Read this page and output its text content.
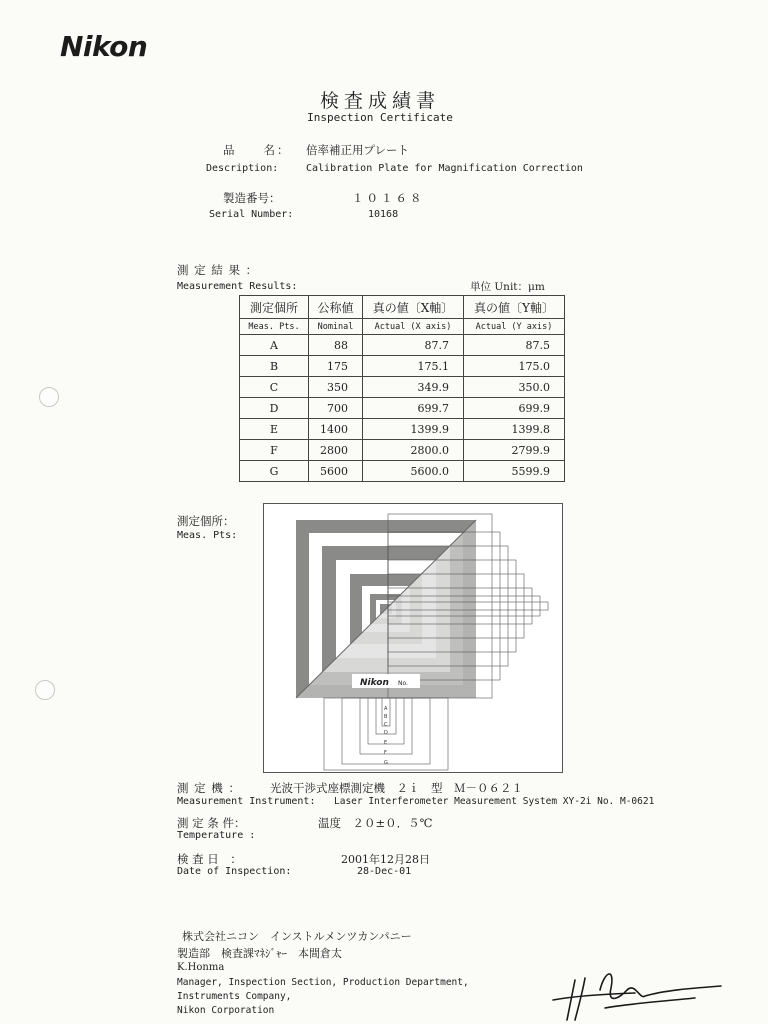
Nikon
検査成績書
Inspection Certificate
品　　名： 倍率補正用プレート
Description:	Calibration Plate for Magnification Correction
製造番号：	１０１６８
Serial Number:	10168
測 定 結 果 ：
Measurement Results:	単位 Unit：μm
測定個所	公称値	真の値〔X軸〕	真の値〔Y軸〕
Meas. Pts.	Nominal	Actual (X axis)	Actual (Y axis)
A	88	87.7	87.5
B	175	175.1	175.0
C	350	349.9	350.0
D	700	699.7	699.9
E	1400	1399.9	1399.8
F	2800	2800.0	2799.9
G	5600	5600.0	5599.9
測定個所：
Meas. Pts:
Nikon No.
A
B
C
D
E
F
G
測 定 機 ：	光波干渉式座標測定機　２ｉ　型　Ｍ－０６２１
Measurement Instrument: Laser Interferometer Measurement System XY-2i No. M-0621
測 定 条 件：	温度　２０±０．５℃
Temperature :
検 査 日　：	2001年12月28日
Date of Inspection:	28-Dec-01
株式会社ニコン　インストルメンツカンパニー
製造部　検査課ﾏﾈｼﾞｬｰ　本間倉太
K.Honma
Manager, Inspection Section, Production Department,
Instruments Company,
Nikon Corporation
